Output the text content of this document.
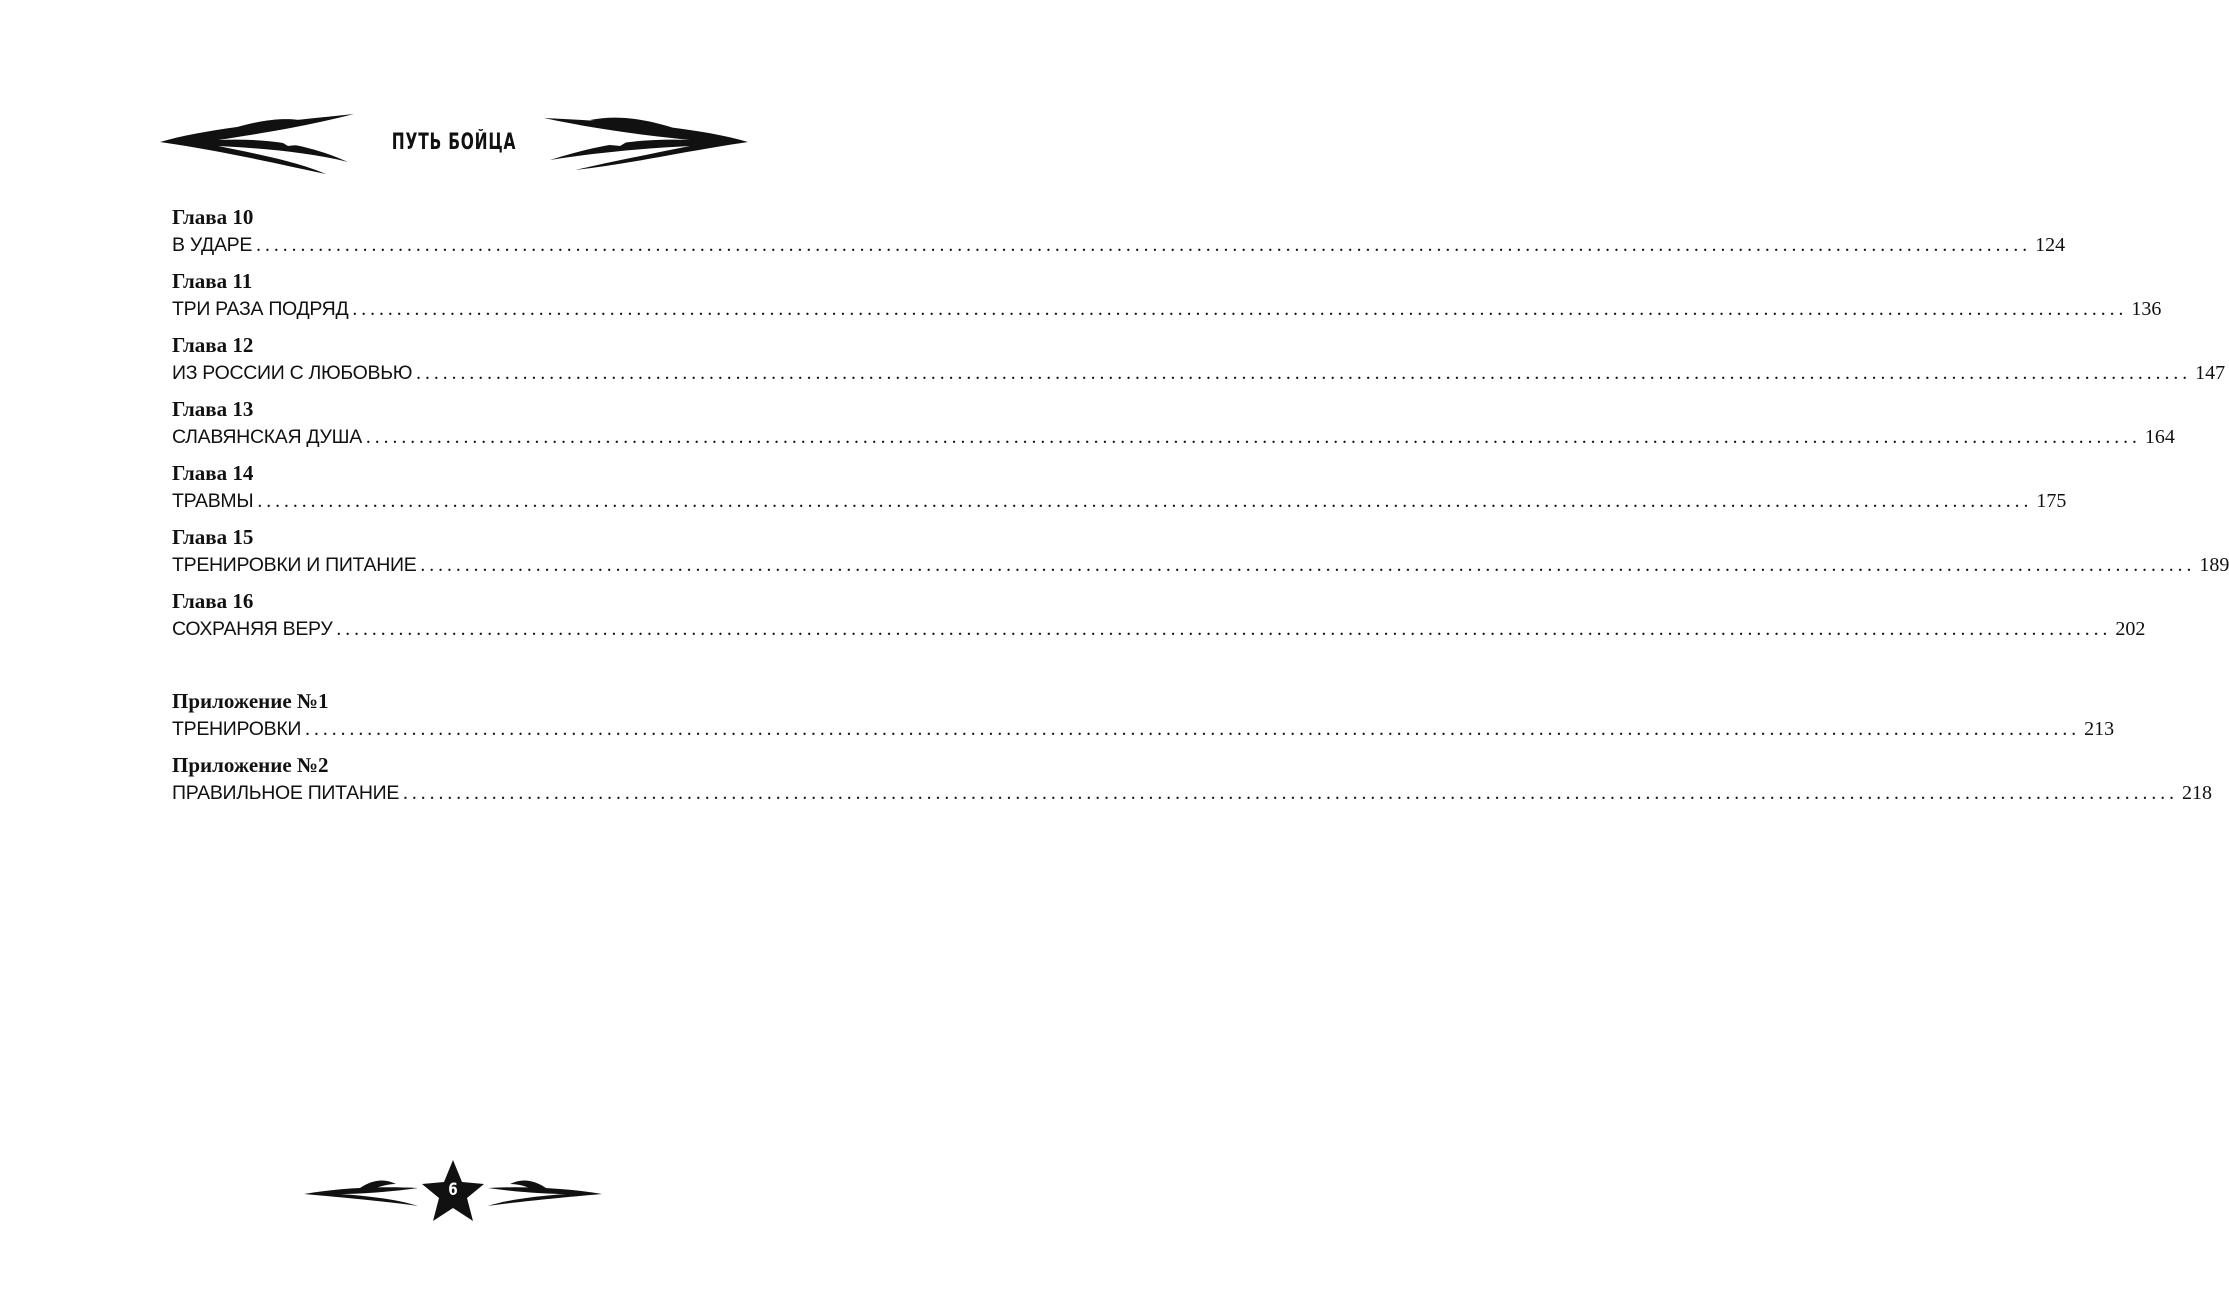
ПУТЬ БОЙЦА
Глава 10
В УДАРЕ ........................................................................................................................................................................................................ 124
Глава 11
ТРИ РАЗА ПОДРЯД ........................................................................................................................................................................................................ 136
Глава 12
ИЗ РОССИИ С ЛЮБОВЬЮ ........................................................................................................................................................................................................ 147
Глава 13
СЛАВЯНСКАЯ ДУША ........................................................................................................................................................................................................ 164
Глава 14
ТРАВМЫ ........................................................................................................................................................................................................ 175
Глава 15
ТРЕНИРОВКИ И ПИТАНИЕ ........................................................................................................................................................................................................ 189
Глава 16
СОХРАНЯЯ ВЕРУ ........................................................................................................................................................................................................ 202
Приложение №1
ТРЕНИРОВКИ ........................................................................................................................................................................................................ 213
Приложение №2
ПРАВИЛЬНОЕ ПИТАНИЕ ........................................................................................................................................................................................................ 218
6
